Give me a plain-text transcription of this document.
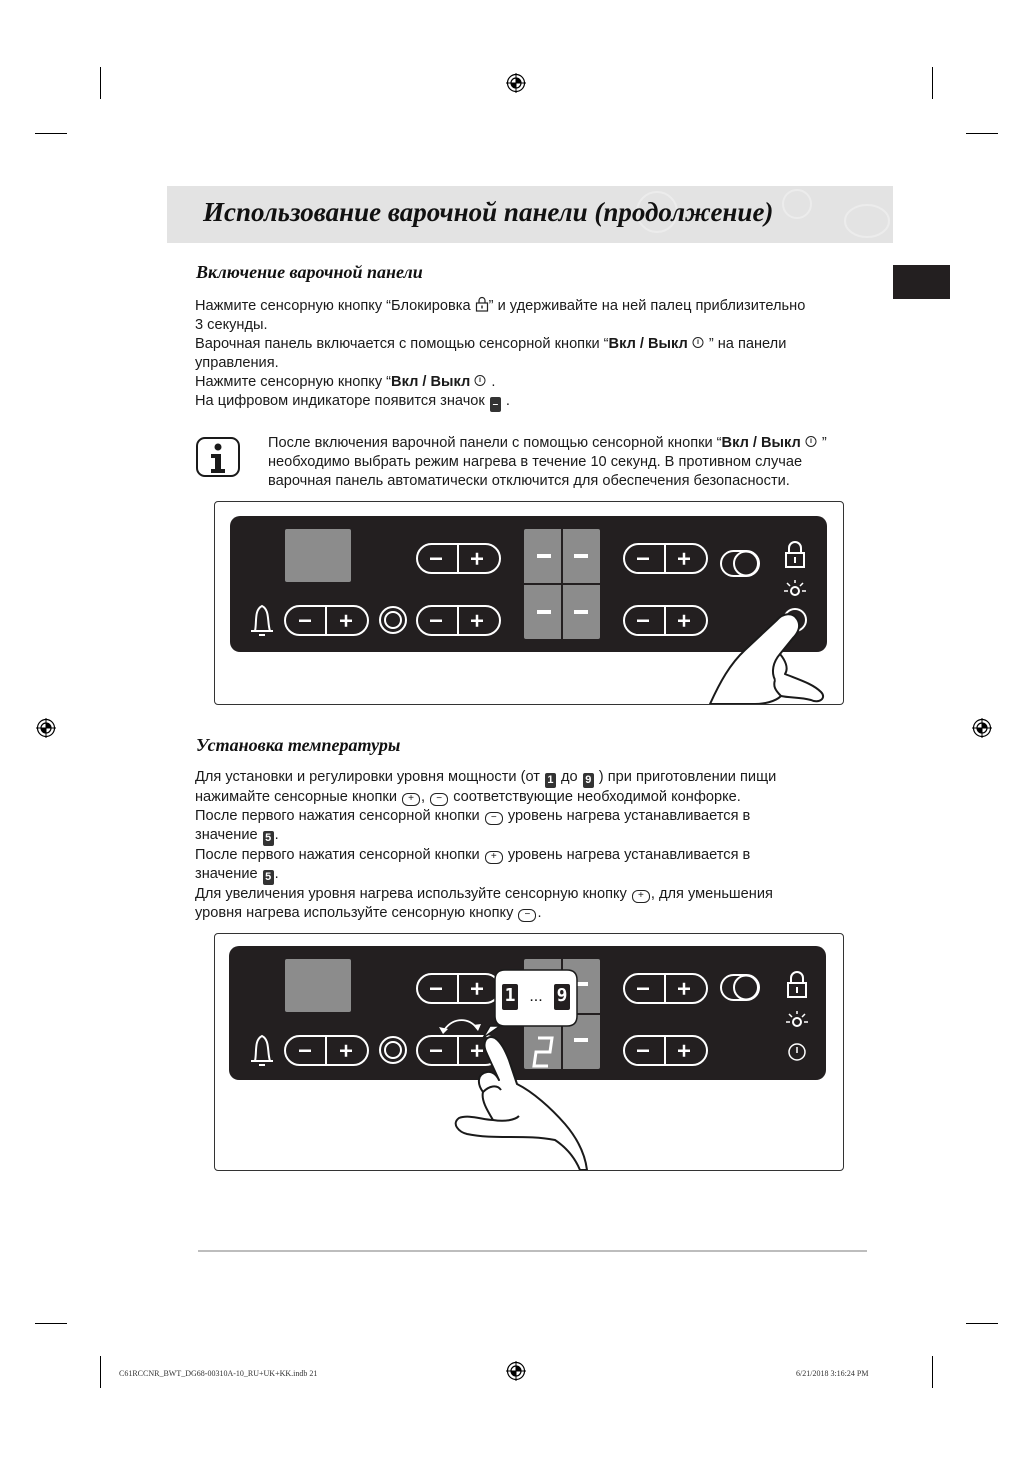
Использование варочной панели (продолжение)
Включение варочной панели
Нажмите сенсорную кнопку “Блокировка ” и удерживайте на ней палец приблизительно
3 секунды.
Варочная панель включается с помощью сенсорной кнопки “Вкл / Выкл ” на панели
управления.
Нажмите сенсорную кнопку “Вкл / Выкл .
На цифровом индикаторе появится значок – .
После включения варочной панели с помощью сенсорной кнопки “Вкл / Выкл ”
необходимо выбрать режим нагрева в течение 10 секунд. В противном случае
варочная панель автоматически отключится для обеспечения безопасности.
Установка температуры
Для установки и регулировки уровня мощности (от 1 до 9 ) при приготовлении пищи
нажимайте сенсорные кнопки + , − соответствующие необходимой конфорке.
После первого нажатия сенсорной кнопки − уровень нагрева устанавливается в
значение 5 .
После первого нажатия сенсорной кнопки + уровень нагрева устанавливается в
значение 5 .
Для увеличения уровня нагрева используйте сенсорную кнопку + , для уменьшения
уровня нагрева используйте сенсорную кнопку − .
1 ... 9
C61RCCNR_BWT_DG68-00310A-10_RU+UK+KK.indb 21	6/21/2018 3:16:24 PM
